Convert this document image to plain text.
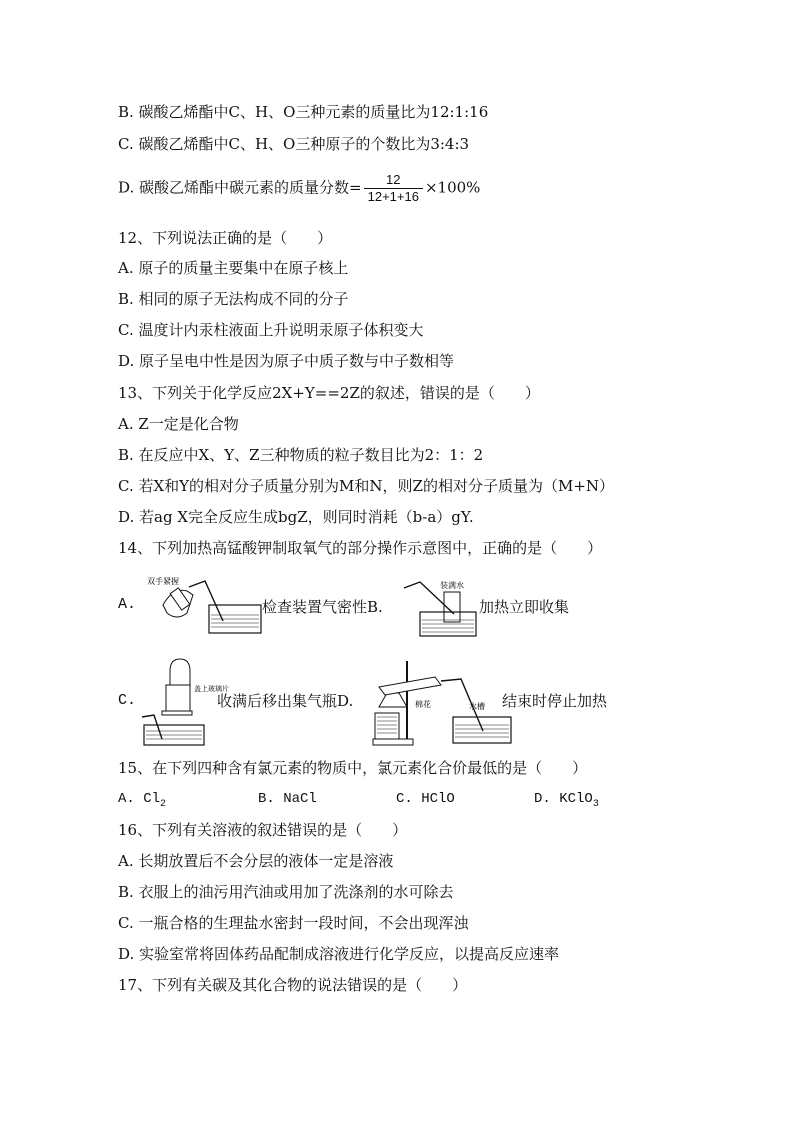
B. 碳酸乙烯酯中C、H、O三种元素的质量比为12:1:16
C. 碳酸乙烯酯中C、H、O三种原子的个数比为3:4:3
D. 碳酸乙烯酯中碳元素的质量分数= $\frac{12}{12+1+16} \times 100\%$
12、下列说法正确的是（　　）
A. 原子的质量主要集中在原子核上
B. 相同的原子无法构成不同的分子
C. 温度计内汞柱液面上升说明汞原子体积变大
D. 原子呈电中性是因为原子中质子数与中子数相等
13、下列关于化学反应2X+Y==2Z的叙述，错误的是（　　）
A. Z一定是化合物
B. 在反应中X、Y、Z三种物质的粒子数目比为2：1：2
C. 若X和Y的相对分子质量分别为M和N，则Z的相对分子质量为（M+N）
D. 若ag X完全反应生成bgZ，则同时消耗（b-a）gY.
14、下列加热高锰酸钾制取氧气的部分操作示意图中，正确的是（　　）
A.
双手紧握
检查装置气密性B.
装满水
加热立即收集
C.
盖上玻璃片
收满后移出集气瓶D.	棉花	水槽 结束时停止加热
15、在下列四种含有氯元素的物质中，氯元素化合价最低的是（　　）
A. $Cl_2$	B. NaCl	C. HClO	D. KClO$_3$
16、下列有关溶液的叙述错误的是（　　）
A. 长期放置后不会分层的液体一定是溶液
B. 衣服上的油污用汽油或用加了洗涤剂的水可除去
C. 一瓶合格的生理盐水密封一段时间，不会出现浑浊
D. 实验室常将固体药品配制成溶液进行化学反应，以提高反应速率
17、下列有关碳及其化合物的说法错误的是（　　）
